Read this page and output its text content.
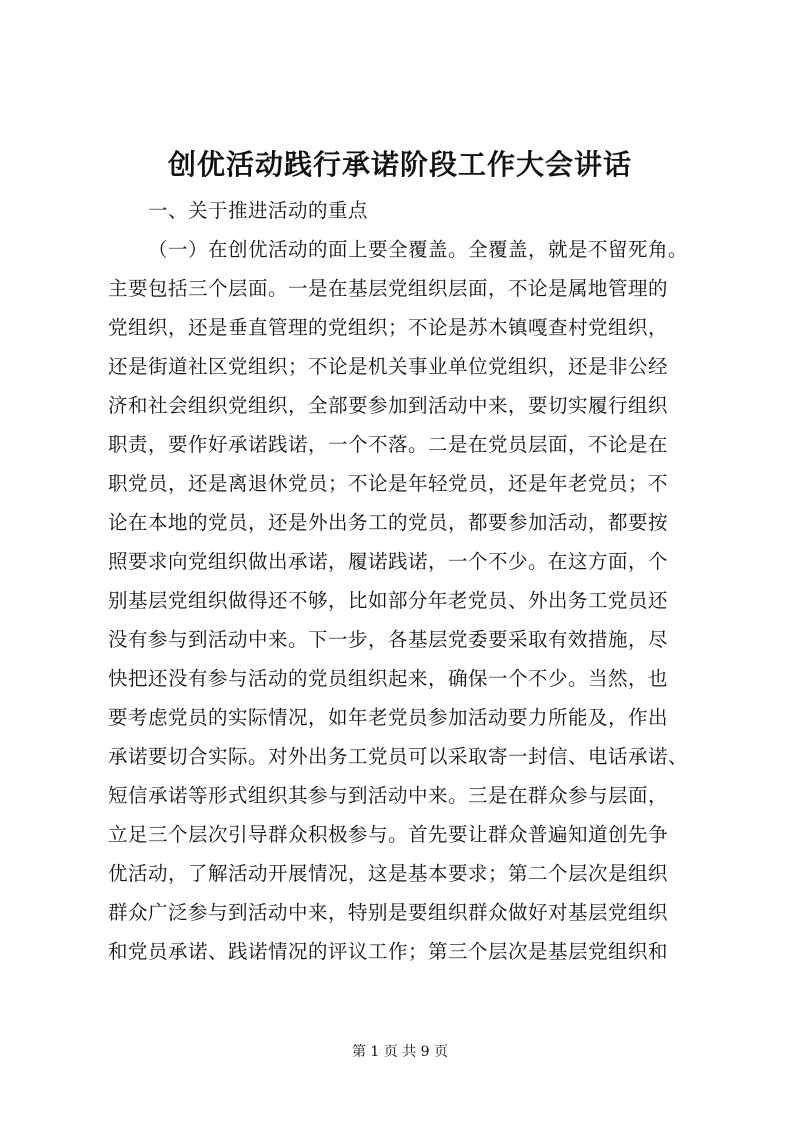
创优活动践行承诺阶段工作大会讲话
一、关于推进活动的重点
（一）在创优活动的面上要全覆盖。全覆盖，就是不留死角。
主要包括三个层面。一是在基层党组织层面，不论是属地管理的
党组织，还是垂直管理的党组织；不论是苏木镇嘎查村党组织，
还是街道社区党组织；不论是机关事业单位党组织，还是非公经
济和社会组织党组织，全部要参加到活动中来，要切实履行组织
职责，要作好承诺践诺，一个不落。二是在党员层面，不论是在
职党员，还是离退休党员；不论是年轻党员，还是年老党员；不
论在本地的党员，还是外出务工的党员，都要参加活动，都要按
照要求向党组织做出承诺，履诺践诺，一个不少。在这方面，个
别基层党组织做得还不够，比如部分年老党员、外出务工党员还
没有参与到活动中来。下一步，各基层党委要采取有效措施，尽
快把还没有参与活动的党员组织起来，确保一个不少。当然，也
要考虑党员的实际情况，如年老党员参加活动要力所能及，作出
承诺要切合实际。对外出务工党员可以采取寄一封信、电话承诺、
短信承诺等形式组织其参与到活动中来。三是在群众参与层面，
立足三个层次引导群众积极参与。首先要让群众普遍知道创先争
优活动，了解活动开展情况，这是基本要求；第二个层次是组织
群众广泛参与到活动中来，特别是要组织群众做好对基层党组织
和党员承诺、践诺情况的评议工作；第三个层次是基层党组织和
第 1 页 共 9 页
